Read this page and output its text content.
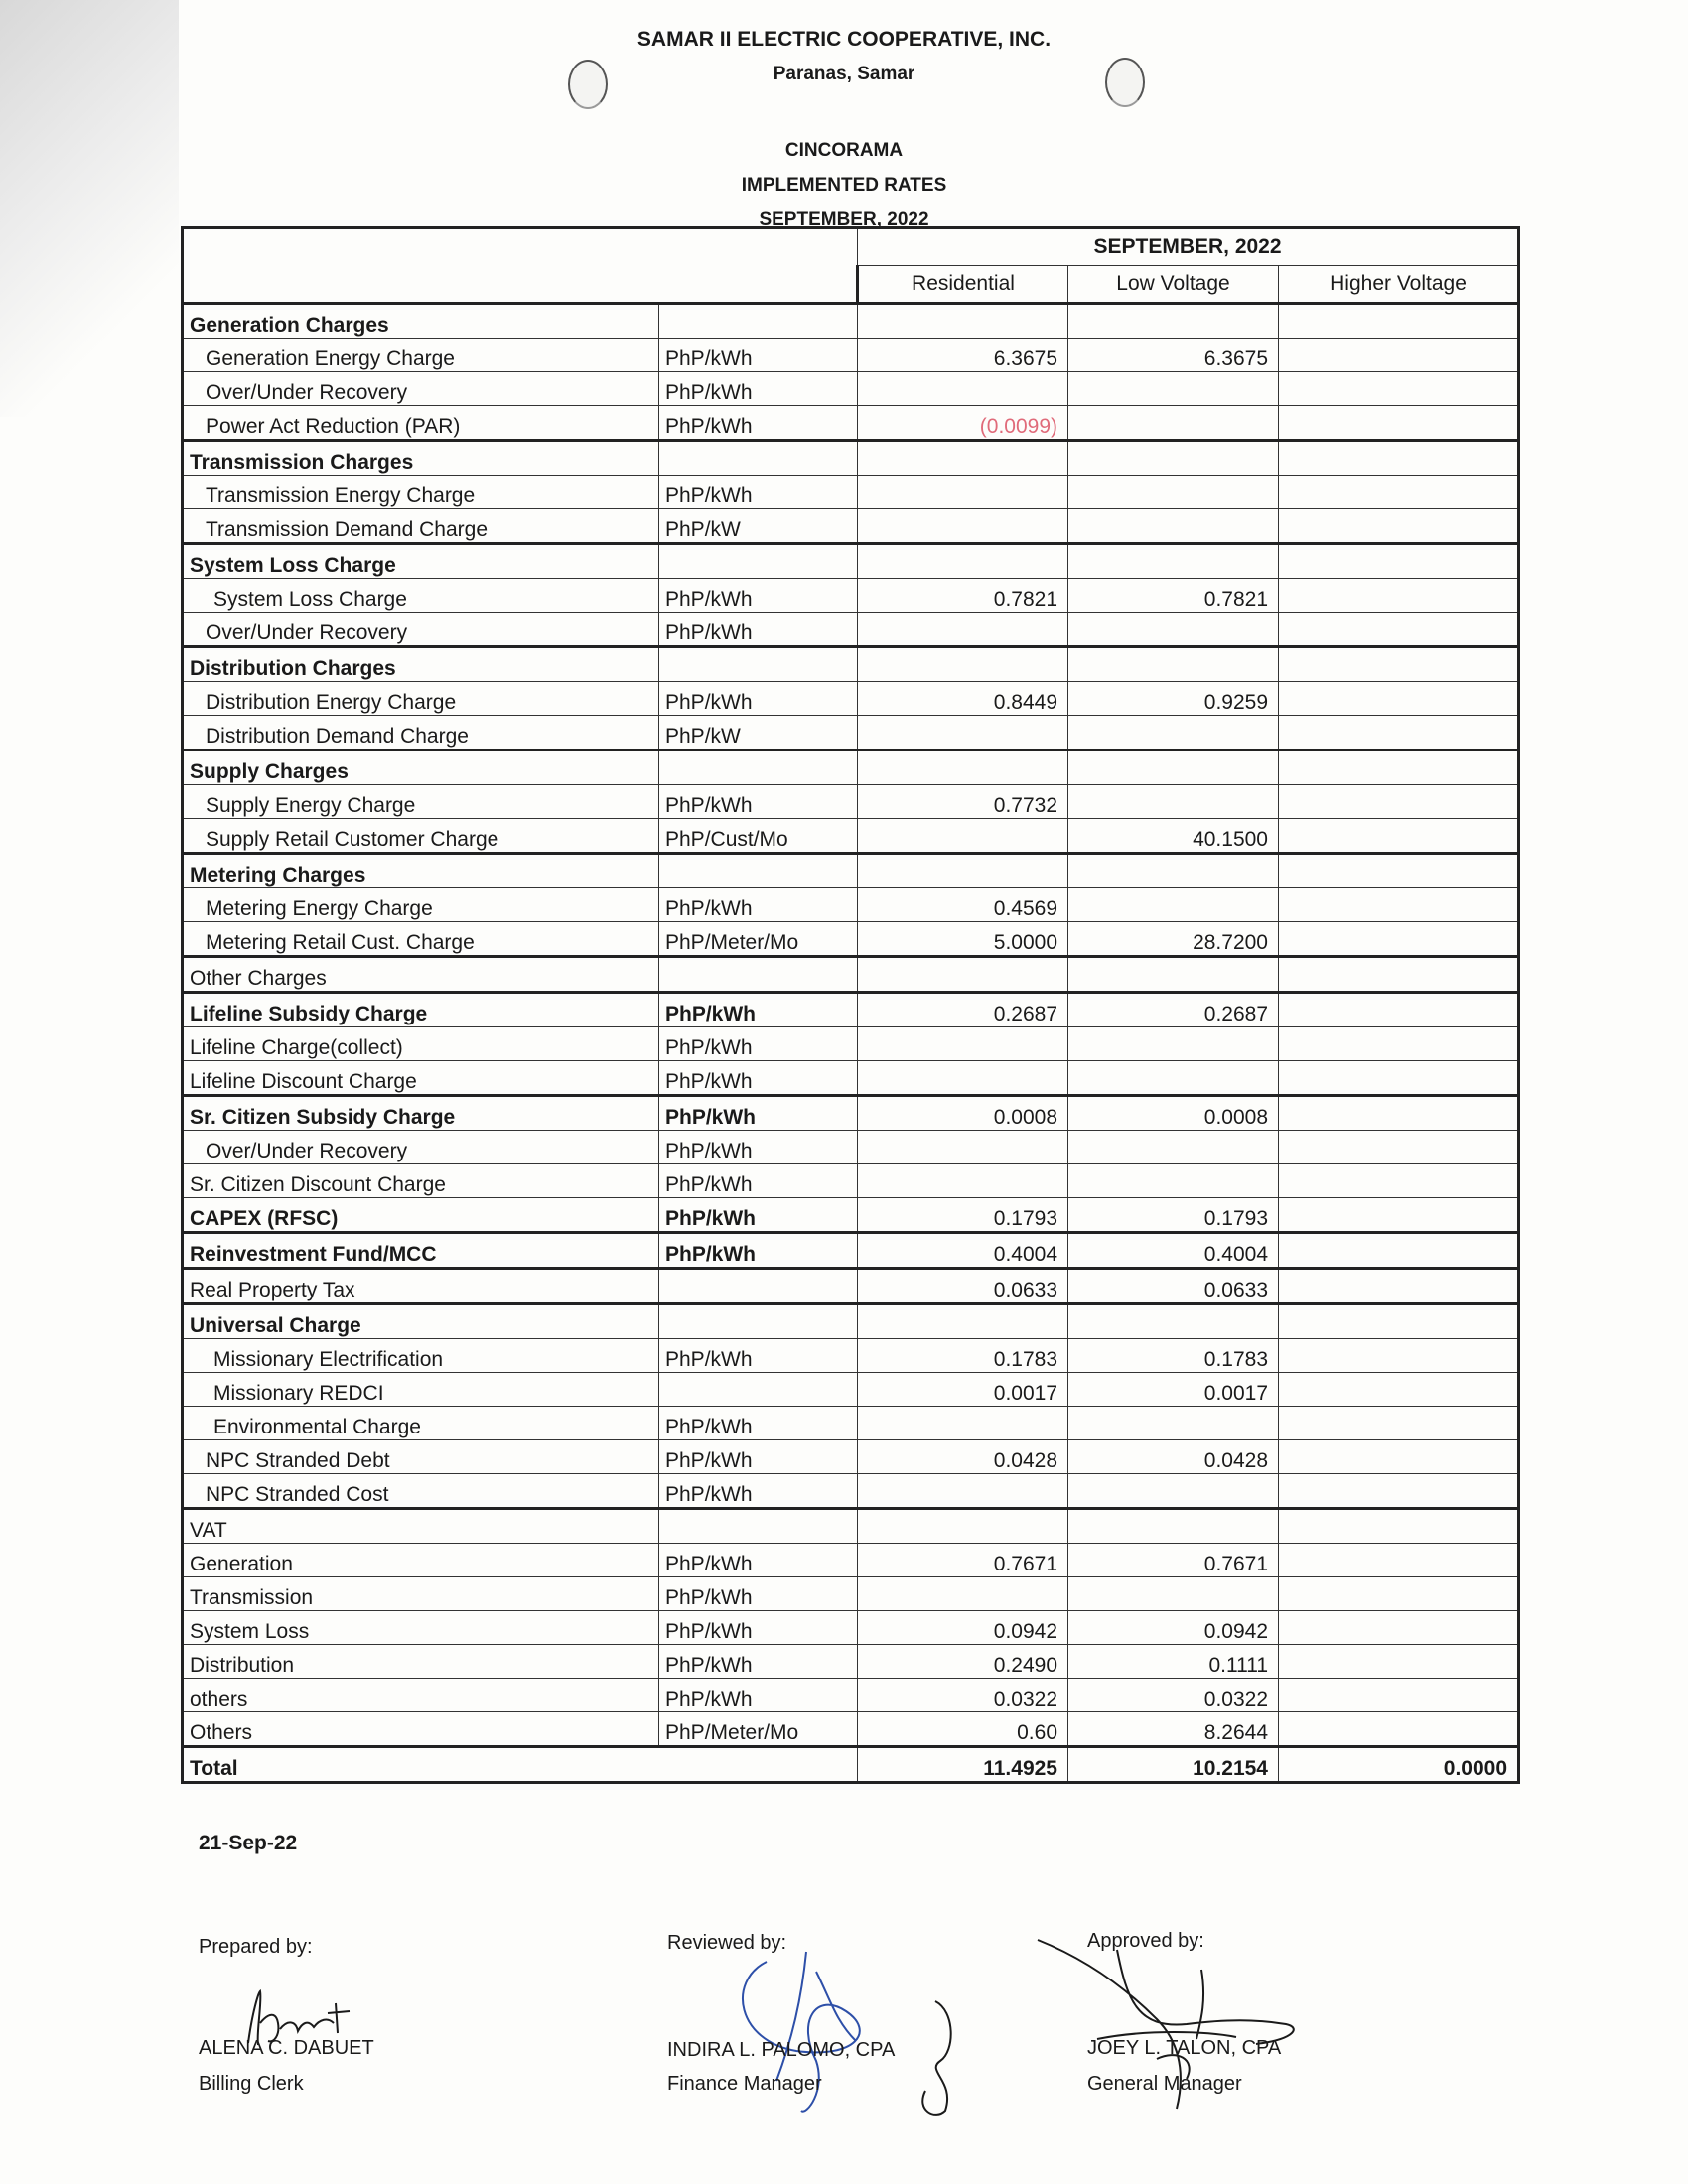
SAMAR II ELECTRIC COOPERATIVE, INC.
Paranas, Samar
CINCORAMA
IMPLEMENTED RATES
SEPTEMBER, 2022
		SEPTEMBER, 2022		
		Residential	Low Voltage	Higher Voltage
Generation Charges				
Generation Energy Charge	PhP/kWh	6.3675	6.3675	
Over/Under Recovery	PhP/kWh			
Power Act Reduction (PAR)	PhP/kWh	(0.0099)		
Transmission Charges				
Transmission Energy Charge	PhP/kWh			
Transmission Demand Charge	PhP/kW			
System Loss Charge				
System Loss Charge	PhP/kWh	0.7821	0.7821	
Over/Under Recovery	PhP/kWh			
Distribution Charges				
Distribution Energy Charge	PhP/kWh	0.8449	0.9259	
Distribution Demand Charge	PhP/kW			
Supply Charges				
Supply Energy Charge	PhP/kWh	0.7732		
Supply Retail Customer Charge	PhP/Cust/Mo		40.1500	
Metering Charges				
Metering Energy Charge	PhP/kWh	0.4569		
Metering Retail Cust. Charge	PhP/Meter/Mo	5.0000	28.7200	
Other Charges				
Lifeline Subsidy Charge	PhP/kWh	0.2687	0.2687	
Lifeline Charge(collect)	PhP/kWh			
Lifeline Discount Charge	PhP/kWh			
Sr. Citizen Subsidy Charge	PhP/kWh	0.0008	0.0008	
Over/Under Recovery	PhP/kWh			
Sr. Citizen Discount Charge	PhP/kWh			
CAPEX (RFSC)	PhP/kWh	0.1793	0.1793	
Reinvestment Fund/MCC	PhP/kWh	0.4004	0.4004	
Real Property Tax		0.0633	0.0633	
Universal Charge				
Missionary Electrification	PhP/kWh	0.1783	0.1783	
Missionary REDCI		0.0017	0.0017	
Environmental Charge	PhP/kWh			
NPC Stranded Debt	PhP/kWh	0.0428	0.0428	
NPC Stranded Cost	PhP/kWh			
VAT				
Generation	PhP/kWh	0.7671	0.7671	
Transmission	PhP/kWh			
System Loss	PhP/kWh	0.0942	0.0942	
Distribution	PhP/kWh	0.2490	0.1111	
others	PhP/kWh	0.0322	0.0322	
Others	PhP/Meter/Mo	0.60	8.2644	
Total		11.4925	10.2154	0.0000
21-Sep-22
Prepared by:
ALENA C. DABUET
Billing Clerk
Reviewed by:
INDIRA L. PALOMO, CPA
Finance Manager
Approved by:
JOEY L. TALON, CPA
General Manager
